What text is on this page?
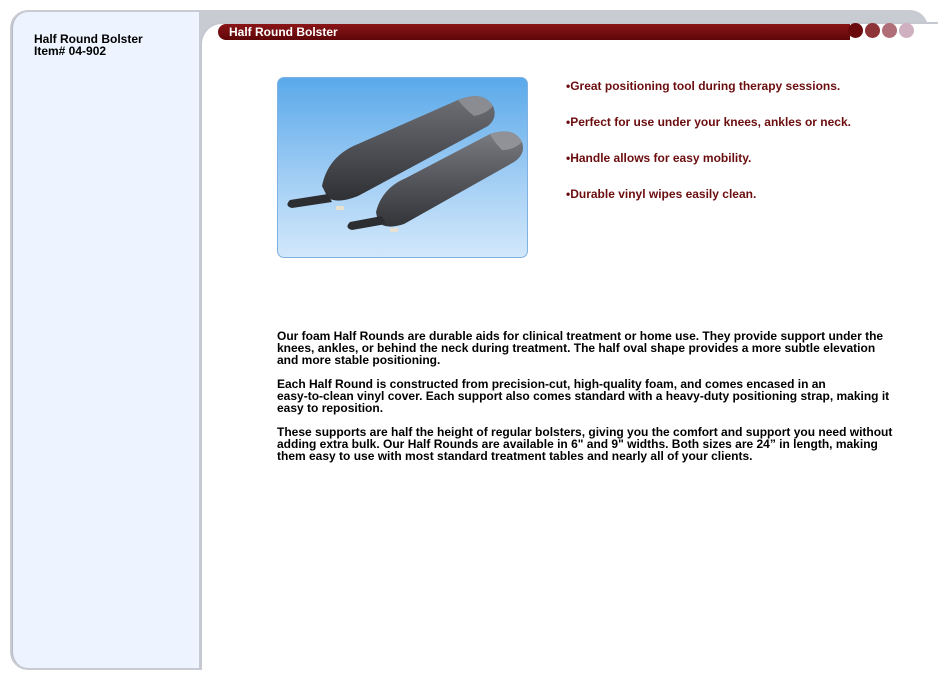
Half Round Bolster
Item# 04-902
Half Round Bolster
•Great positioning tool during therapy sessions.
•Perfect for use under your knees, ankles or neck.
•Handle allows for easy mobility.
•Durable vinyl wipes easily clean.
Our foam Half Rounds are durable aids for clinical treatment or home use. They provide support under the
knees, ankles, or behind the neck during treatment. The half oval shape provides a more subtle elevation
and more stable positioning.
Each Half Round is constructed from precision-cut, high-quality foam, and comes encased in an
easy-to-clean vinyl cover. Each support also comes standard with a heavy-duty positioning strap, making it
easy to reposition.
These supports are half the height of regular bolsters, giving you the comfort and support you need without
adding extra bulk. Our Half Rounds are available in 6" and 9" widths. Both sizes are 24” in length, making
them easy to use with most standard treatment tables and nearly all of your clients.
